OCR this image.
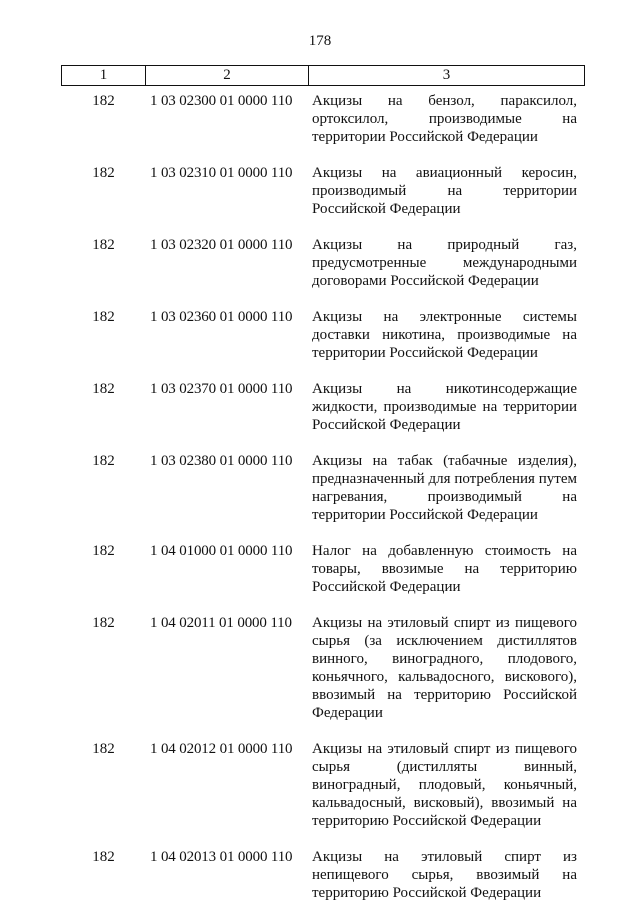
178
1	2	3
182	1 03 02300 01 0000 110	Акцизы на бензол, параксилол, ортоксилол, производимые на территории Российской Федерации
182	1 03 02310 01 0000 110	Акцизы на авиационный керосин, производимый на территории Российской Федерации
182	1 03 02320 01 0000 110	Акцизы на природный газ, предусмотренные международными договорами Российской Федерации
182	1 03 02360 01 0000 110	Акцизы на электронные системы доставки никотина, производимые на территории Российской Федерации
182	1 03 02370 01 0000 110	Акцизы на никотинсодержащие жидкости, производимые на территории Российской Федерации
182	1 03 02380 01 0000 110	Акцизы на табак (табачные изделия), предназначенный для потребления путем нагревания, производимый на территории Российской Федерации
182	1 04 01000 01 0000 110	Налог на добавленную стоимость на товары, ввозимые на территорию Российской Федерации
182	1 04 02011 01 0000 110	Акцизы на этиловый спирт из пищевого сырья (за исключением дистиллятов винного, виноградного, плодового, коньячного, кальвадосного, вискового), ввозимый на территорию Российской Федерации
182	1 04 02012 01 0000 110	Акцизы на этиловый спирт из пищевого сырья (дистилляты винный, виноградный, плодовый, коньячный, кальвадосный, висковый), ввозимый на территорию Российской Федерации
182	1 04 02013 01 0000 110	Акцизы на этиловый спирт из непищевого сырья, ввозимый на территорию Российской Федерации
